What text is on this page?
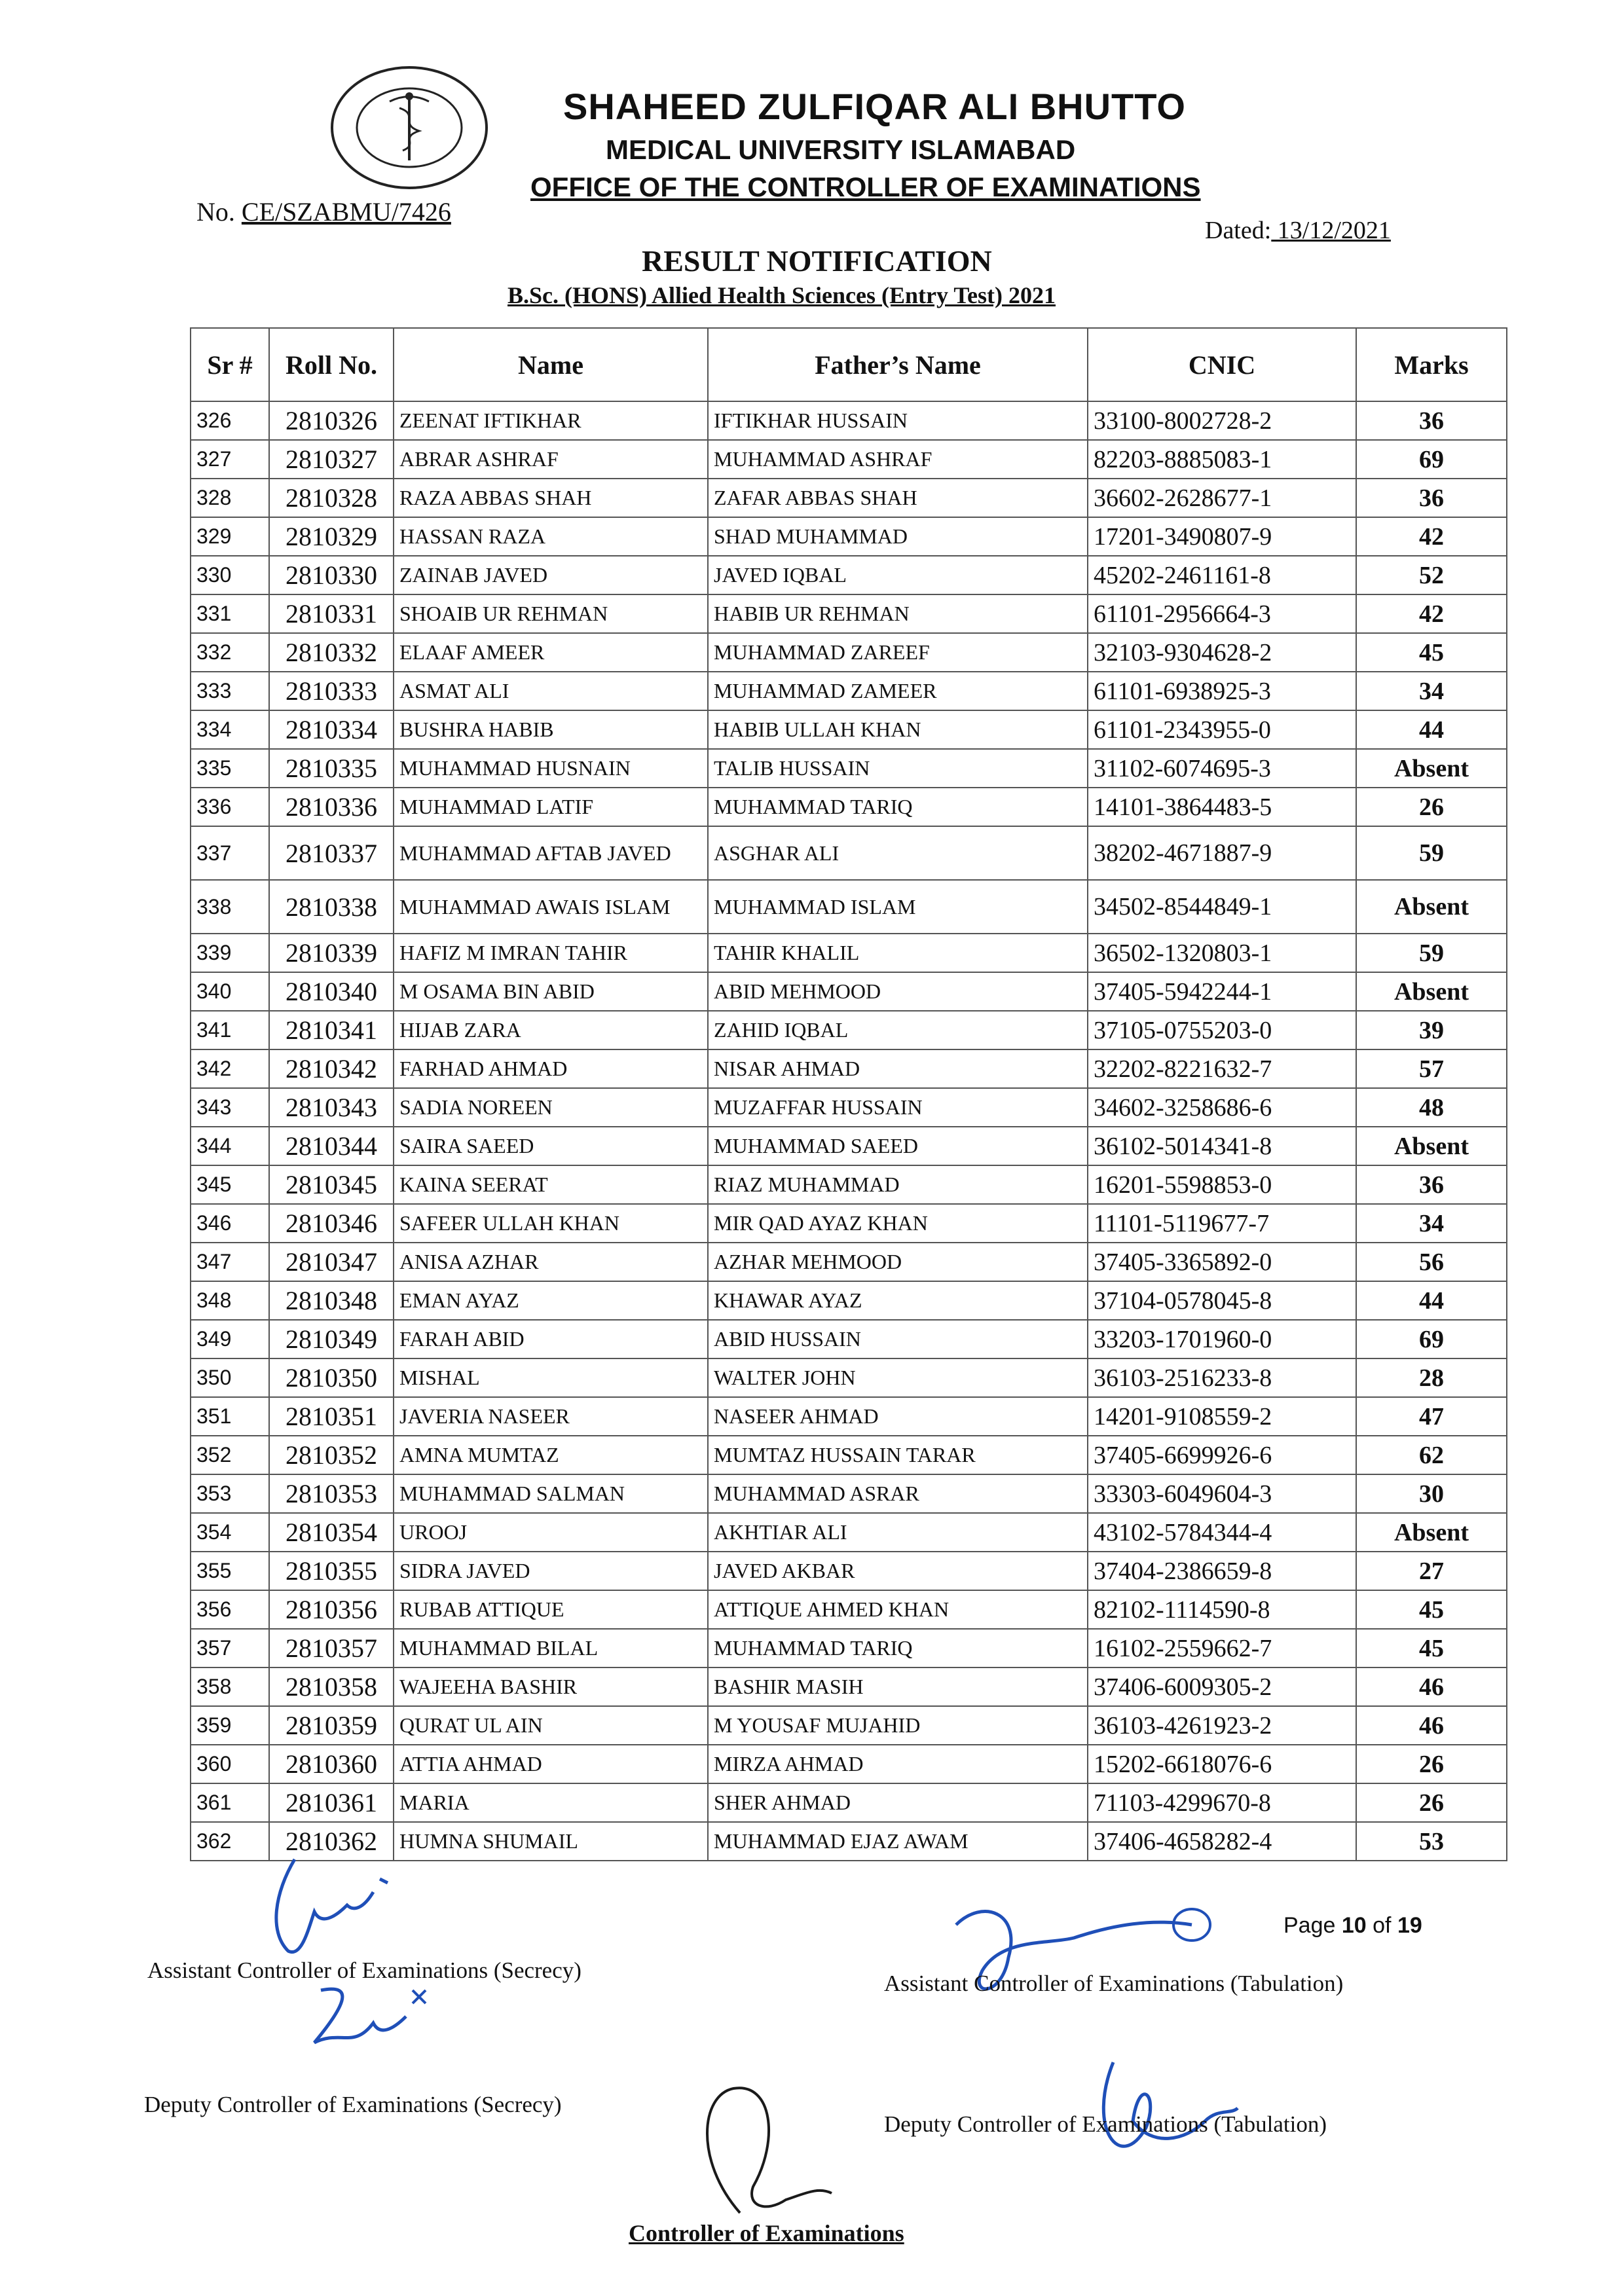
SHAHEED ZULFIQAR ALI BHUTTO
MEDICAL UNIVERSITY ISLAMABAD
OFFICE OF THE CONTROLLER OF EXAMINATIONS
No. CE/SZABMU/7426
Dated: 13/12/2021
RESULT NOTIFICATION
B.Sc. (HONS) Allied Health Sciences (Entry Test) 2021
Sr #	Roll No.	Name	Father’s Name	CNIC	Marks
326	2810326	ZEENAT IFTIKHAR	IFTIKHAR HUSSAIN	33100-8002728-2	36
327	2810327	ABRAR ASHRAF	MUHAMMAD ASHRAF	82203-8885083-1	69
328	2810328	RAZA ABBAS SHAH	ZAFAR ABBAS SHAH	36602-2628677-1	36
329	2810329	HASSAN RAZA	SHAD MUHAMMAD	17201-3490807-9	42
330	2810330	ZAINAB JAVED	JAVED IQBAL	45202-2461161-8	52
331	2810331	SHOAIB UR REHMAN	HABIB UR REHMAN	61101-2956664-3	42
332	2810332	ELAAF AMEER	MUHAMMAD ZAREEF	32103-9304628-2	45
333	2810333	ASMAT ALI	MUHAMMAD ZAMEER	61101-6938925-3	34
334	2810334	BUSHRA HABIB	HABIB ULLAH KHAN	61101-2343955-0	44
335	2810335	MUHAMMAD HUSNAIN	TALIB HUSSAIN	31102-6074695-3	Absent
336	2810336	MUHAMMAD LATIF	MUHAMMAD TARIQ	14101-3864483-5	26
337	2810337	MUHAMMAD AFTAB JAVED	ASGHAR ALI	38202-4671887-9	59
338	2810338	MUHAMMAD AWAIS ISLAM	MUHAMMAD ISLAM	34502-8544849-1	Absent
339	2810339	HAFIZ M IMRAN TAHIR	TAHIR KHALIL	36502-1320803-1	59
340	2810340	M OSAMA BIN ABID	ABID MEHMOOD	37405-5942244-1	Absent
341	2810341	HIJAB ZARA	ZAHID IQBAL	37105-0755203-0	39
342	2810342	FARHAD AHMAD	NISAR AHMAD	32202-8221632-7	57
343	2810343	SADIA NOREEN	MUZAFFAR HUSSAIN	34602-3258686-6	48
344	2810344	SAIRA SAEED	MUHAMMAD SAEED	36102-5014341-8	Absent
345	2810345	KAINA SEERAT	RIAZ MUHAMMAD	16201-5598853-0	36
346	2810346	SAFEER ULLAH KHAN	MIR QAD AYAZ KHAN	11101-5119677-7	34
347	2810347	ANISA AZHAR	AZHAR MEHMOOD	37405-3365892-0	56
348	2810348	EMAN AYAZ	KHAWAR AYAZ	37104-0578045-8	44
349	2810349	FARAH ABID	ABID HUSSAIN	33203-1701960-0	69
350	2810350	MISHAL	WALTER JOHN	36103-2516233-8	28
351	2810351	JAVERIA NASEER	NASEER AHMAD	14201-9108559-2	47
352	2810352	AMNA MUMTAZ	MUMTAZ HUSSAIN TARAR	37405-6699926-6	62
353	2810353	MUHAMMAD SALMAN	MUHAMMAD ASRAR	33303-6049604-3	30
354	2810354	UROOJ	AKHTIAR ALI	43102-5784344-4	Absent
355	2810355	SIDRA JAVED	JAVED AKBAR	37404-2386659-8	27
356	2810356	RUBAB ATTIQUE	ATTIQUE AHMED KHAN	82102-1114590-8	45
357	2810357	MUHAMMAD BILAL	MUHAMMAD TARIQ	16102-2559662-7	45
358	2810358	WAJEEHA BASHIR	BASHIR MASIH	37406-6009305-2	46
359	2810359	QURAT UL AIN	M YOUSAF MUJAHID	36103-4261923-2	46
360	2810360	ATTIA AHMAD	MIRZA AHMAD	15202-6618076-6	26
361	2810361	MARIA	SHER AHMAD	71103-4299670-8	26
362	2810362	HUMNA SHUMAIL	MUHAMMAD EJAZ AWAM	37406-4658282-4	53
Page 10 of 19
Assistant Controller of Examinations (Secrecy)
Assistant Controller of Examinations (Tabulation)
Deputy Controller of Examinations (Secrecy)
Deputy Controller of Examinations (Tabulation)
Controller of Examinations
